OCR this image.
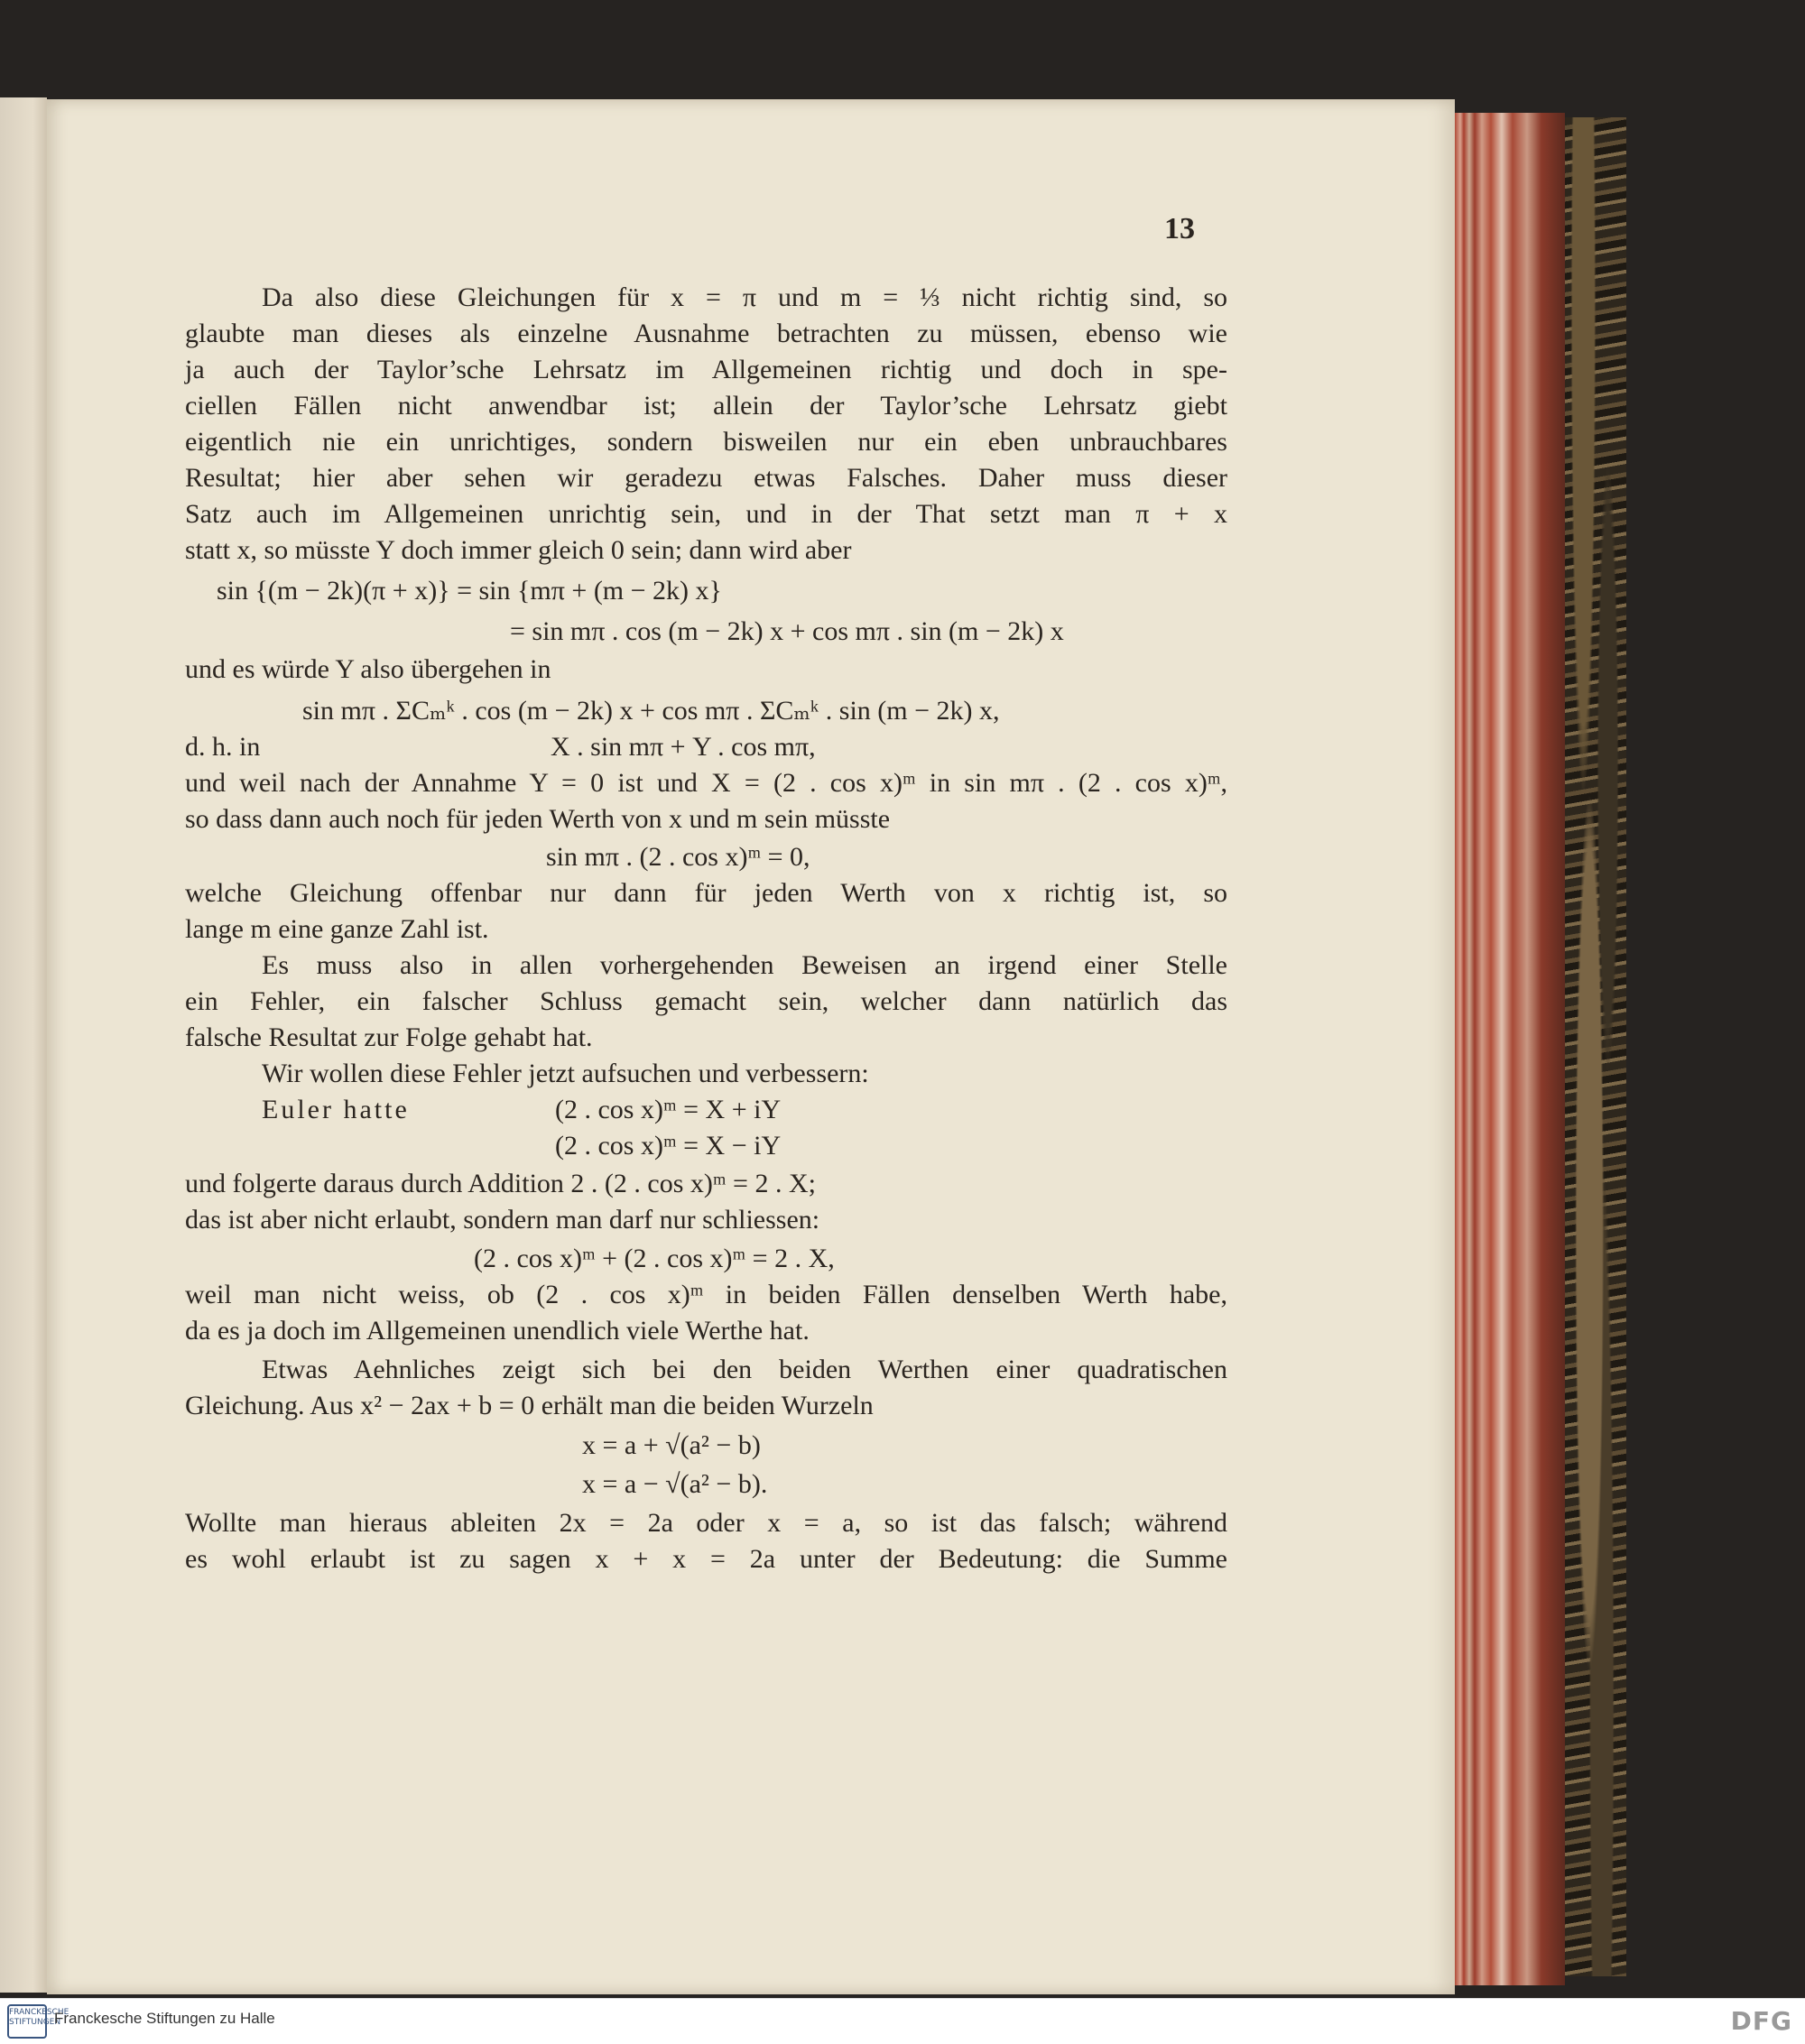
13
Da also diese Gleichungen für x = π und m = ⅓ nicht richtig sind, so
glaubte man dieses als einzelne Ausnahme betrachten zu müssen, ebenso wie
ja auch der Taylor’sche Lehrsatz im Allgemeinen richtig und doch in spe-
ciellen Fällen nicht anwendbar ist; allein der Taylor’sche Lehrsatz giebt
eigentlich nie ein unrichtiges, sondern bisweilen nur ein eben unbrauchbares
Resultat; hier aber sehen wir geradezu etwas Falsches. Daher muss dieser
Satz auch im Allgemeinen unrichtig sein, und in der That setzt man π + x
statt x, so müsste Y doch immer gleich 0 sein; dann wird aber
sin {(m − 2k)(π + x)} = sin {mπ + (m − 2k) x}
= sin mπ . cos (m − 2k) x + cos mπ . sin (m − 2k) x
und es würde Y also übergehen in
sin mπ . ΣCₘᵏ . cos (m − 2k) x + cos mπ . ΣCₘᵏ . sin (m − 2k) x,
d. h. in	X . sin mπ + Y . cos mπ,
und weil nach der Annahme Y = 0 ist und X = (2 . cos x)ᵐ in sin mπ . (2 . cos x)ᵐ,
so dass dann auch noch für jeden Werth von x und m sein müsste
sin mπ . (2 . cos x)ᵐ = 0,
welche Gleichung offenbar nur dann für jeden Werth von x richtig ist, so
lange m eine ganze Zahl ist.
Es muss also in allen vorhergehenden Beweisen an irgend einer Stelle
ein Fehler, ein falscher Schluss gemacht sein, welcher dann natürlich das
falsche Resultat zur Folge gehabt hat.
Wir wollen diese Fehler jetzt aufsuchen und verbessern:
Euler hatte	(2 . cos x)ᵐ = X + iY
(2 . cos x)ᵐ = X − iY
und folgerte daraus durch Addition 2 . (2 . cos x)ᵐ = 2 . X;
das ist aber nicht erlaubt, sondern man darf nur schliessen:
(2 . cos x)ᵐ + (2 . cos x)ᵐ = 2 . X,
weil man nicht weiss, ob (2 . cos x)ᵐ in beiden Fällen denselben Werth habe,
da es ja doch im Allgemeinen unendlich viele Werthe hat.
Etwas Aehnliches zeigt sich bei den beiden Werthen einer quadratischen
Gleichung. Aus x² − 2ax + b = 0 erhält man die beiden Wurzeln
x = a + √(a² − b)
x = a − √(a² − b).
Wollte man hieraus ableiten 2x = 2a oder x = a, so ist das falsch; während
es wohl erlaubt ist zu sagen x + x = 2a unter der Bedeutung: die Summe
FRANCKESCHE STIFTUNGEN
Franckesche Stiftungen zu Halle	DFG
